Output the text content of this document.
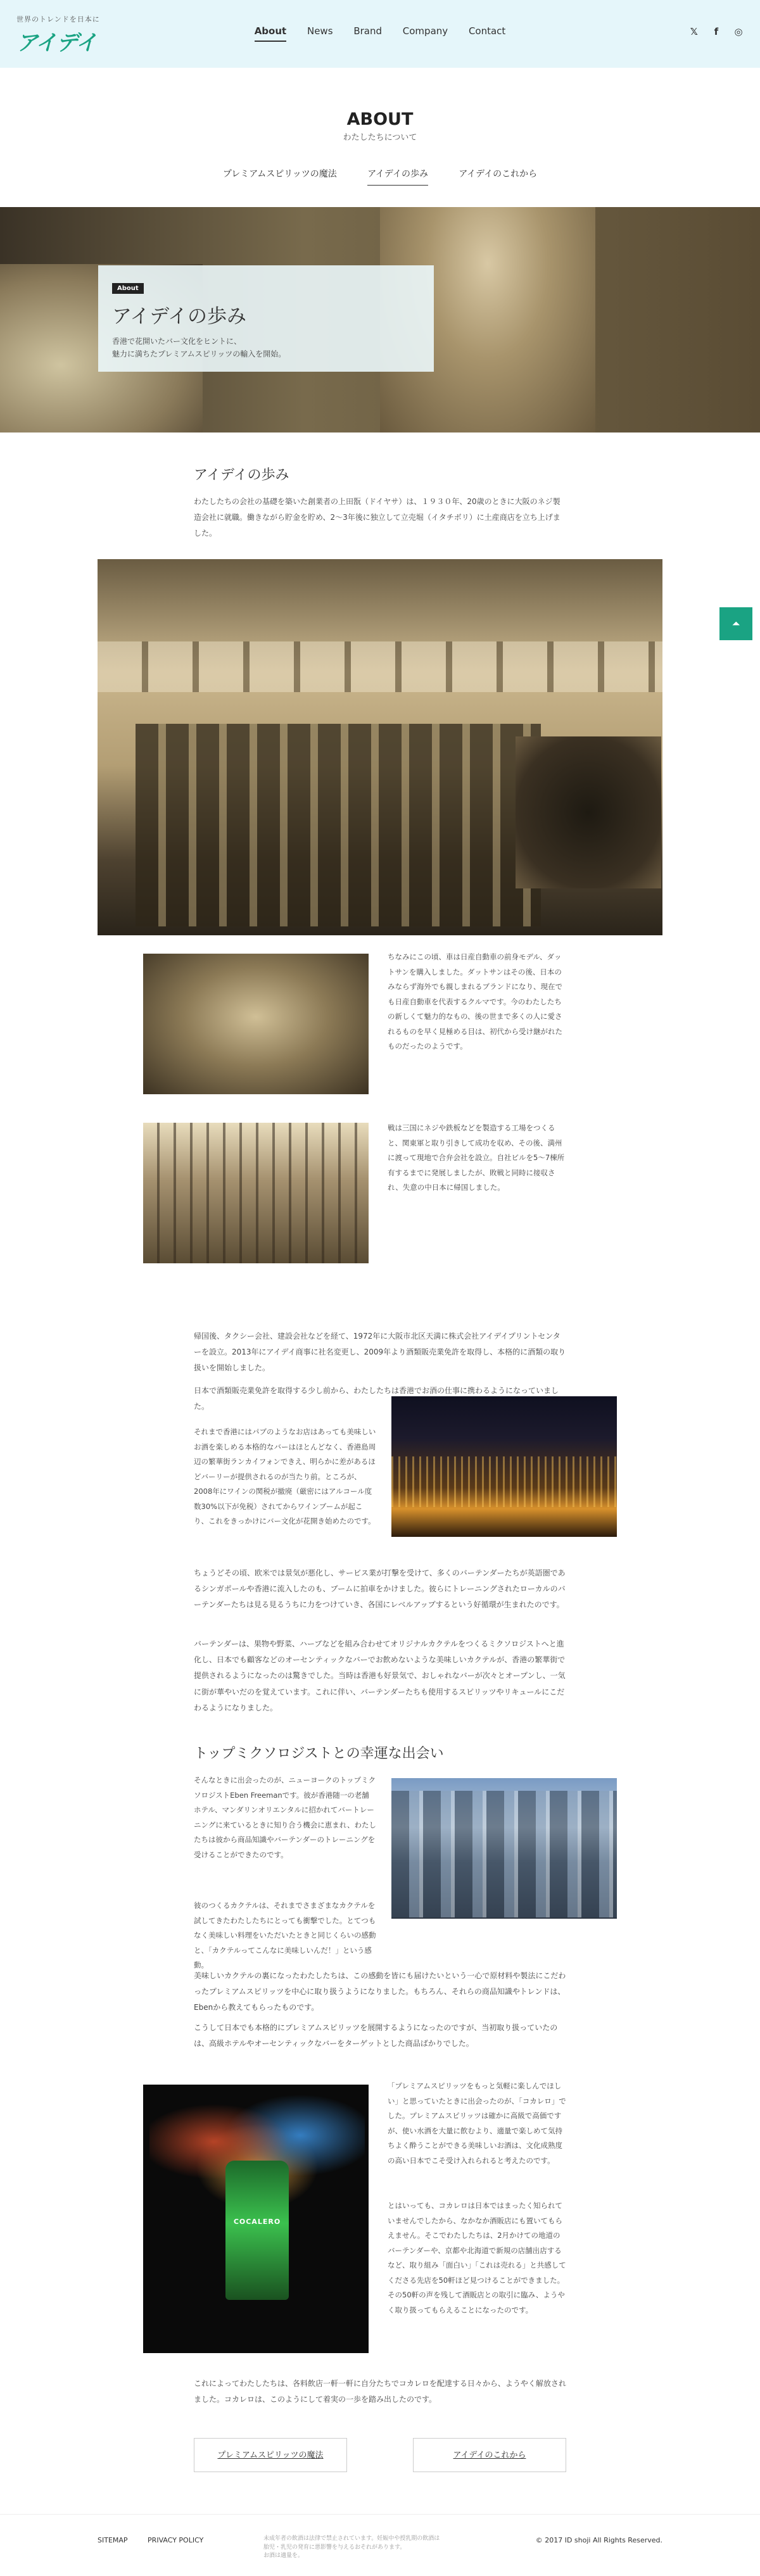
世界のトレンドを日本に
アイデイ	About News Brand Company Contact	𝕏 f ◎
ABOUT
わたしたちについて
プレミアムスピリッツの魔法	アイデイの歩み	アイデイのこれから
About
アイデイの歩み
香港で花開いたバー文化をヒントに、
魅力に満ちたプレミアムスピリッツの輸入を開始。
アイデイの歩み
わたしたちの会社の基礎を築いた創業者の上田翫（ドイヤサ）は、１９３０年、20歳のときに大阪のネジ製造会社に就職。働きながら貯金を貯め、2〜3年後に独立して立売堀（イタチボリ）に土産商店を立ち上げました。
ちなみにこの頃、車は日産自動車の前身モデル、ダットサンを購入しました。ダットサンはその後、日本のみならず海外でも親しまれるブランドになり、現在でも日産自動車を代表するクルマです。今のわたしたちの新しくて魅力的なもの、後の世まで多くの人に愛されるものを早く見極める目は、初代から受け継がれたものだったのようです。
戦は三国にネジや鉄板などを製造する工場をつくると、関東軍と取り引きして成功を収め、その後、満州に渡って現地で合弁会社を設立。自社ビルを5〜7棟所有するまでに発展しましたが、敗戦と同時に接収され、失意の中日本に帰国しました。
帰国後、タクシー会社、建設会社などを経て、1972年に大阪市北区天満に株式会社アイデイプリントセンターを設立。2013年にアイデイ商事に社名変更し、2009年より酒類販売業免許を取得し、本格的に酒類の取り扱いを開始しました。
日本で酒類販売業免許を取得する少し前から、わたしたちは香港でお酒の仕事に携わるようになっていました。
それまで香港にはパブのようなお店はあっても美味しいお酒を楽しめる本格的なバーはほとんどなく、香港島周辺の繁華街ランカイフォンできえ、明らかに差があるほどバーリーが提供されるのが当たり前。ところが、2008年にワインの関税が撤廃（厳密にはアルコール度数30%以下が免税）されてからワインブームが起こり、これをきっかけにバー文化が花開き始めたのです。
ちょうどその頃、欧米では景気が悪化し、サービス業が打撃を受けて、多くのバーテンダーたちが英語圏であるシンガポールや香港に流入したのも、ブームに拍車をかけました。彼らにトレーニングされたローカルのバーテンダーたちは見る見るうちに力をつけていき、各国にレベルアップするという好循環が生まれたのです。
バーテンダーは、果物や野菜、ハーブなどを組み合わせてオリジナルカクテルをつくるミクソロジストへと進化し、日本でも顧客などのオーセンティックなバーでお飲めないような美味しいカクテルが、香港の繁華街で提供されるようになったのは驚きでした。当時は香港も好景気で、おしゃれなバーが次々とオープンし、一気に街が華やいだのを覚えています。これに伴い、バーテンダーたちも使用するスピリッツやリキュールにこだわるようになりました。
トップミクソロジストとの幸運な出会い
そんなときに出会ったのが、ニューヨークのトップミクソロジストEben Freemanです。彼が香港随一の老舗ホテル、マンダリンオリエンタルに招かれてバートレーニングに来ているときに知り合う機会に恵まれ、わたしたちは彼から商品知識やバーテンダーのトレーニングを受けることができたのです。
彼のつくるカクテルは、それまでさまざまなカクテルを試してきたわたしたちにとっても衝撃でした。とてつもなく美味しい料理をいただいたときと同じくらいの感動と、「カクテルってこんなに美味しいんだ！」という感動。
美味しいカクテルの裏になったわたしたちは、この感動を皆にも届けたいという一心で原材料や製法にこだわったプレミアムスピリッツを中心に取り扱うようになりました。もちろん、それらの商品知識やトレンドは、Ebenから教えてもらったものです。
こうして日本でも本格的にプレミアムスピリッツを展開するようになったのですが、当初取り扱っていたのは、高級ホテルやオーセンティックなバーをターゲットとした商品ばかりでした。
COCALERO
「プレミアムスピリッツをもっと気軽に楽しんでほしい」と思っていたときに出会ったのが、「コカレロ」でした。プレミアムスピリッツは確かに高級で高価ですが、使い水酒を大量に飲むより、適量で楽しめて気持ちよく酔うことができる美味しいお酒は、文化成熟度の高い日本でこそ受け入れられると考えたのです。
とはいっても、コカレロは日本ではまったく知られていませんでしたから、なかなか酒販店にも置いてもらえません。そこでわたしたちは、2月かけての地道のバーテンダーや、京都や北海道で新規の店舗出店するなど、取り組み「面白い」「これは売れる」と共感してくださる先店を50軒ほど見つけることができました。その50軒の声を残して酒販店との取引に臨み、ようやく取り扱ってもらえることになったのです。
これによってわたしたちは、各料飲店一軒一軒に自分たちでコカレロを配達する日々から、ようやく解放されました。コカレロは、このようにして着実の一歩を踏み出したのです。
⏶
プレミアムスピリッツの魔法	アイデイのこれから
SITEMAP	PRIVACY POLICY	未成年者の飲酒は法律で禁止されています。妊娠中や授乳期の飲酒は
胎児・乳児の発育に悪影響を与えるおそれがあります。
お酒は適量を。
© 2017 ID shoji All Rights Reserved.
